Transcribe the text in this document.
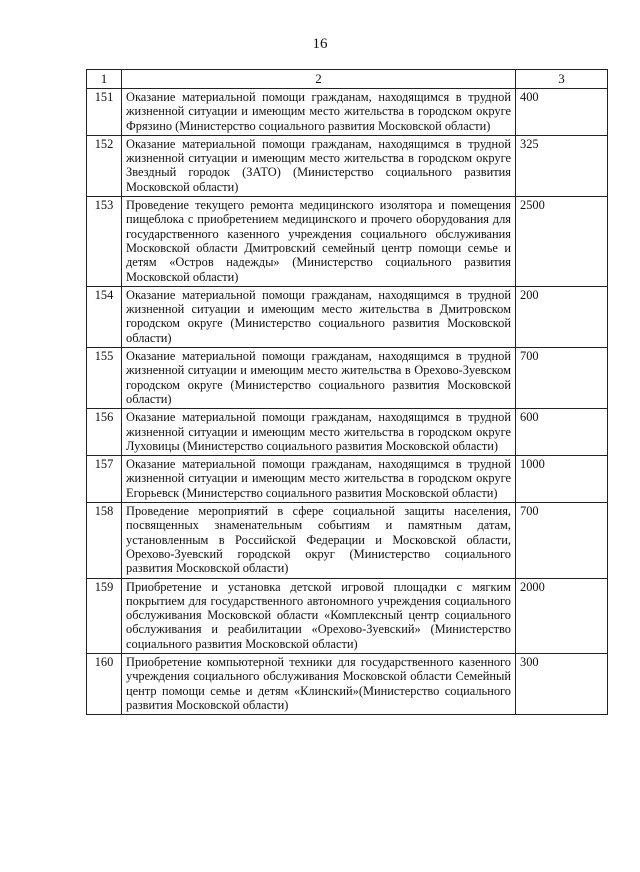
16
1	2	3
151	Оказание материальной помощи гражданам, находящимся в трудной жизненной ситуации и имеющим место жительства в городском округе Фрязино (Министерство социального развития Московской области)	400
152	Оказание материальной помощи гражданам, находящимся в трудной жизненной ситуации и имеющим место жительства в городском округе Звездный городок (ЗАТО) (Министерство социального развития Московской области)	325
153	Проведение текущего ремонта медицинского изолятора и помещения пищеблока с приобретением медицинского и прочего оборудования для государственного казенного учреждения социального обслуживания Московской области Дмитровский семейный центр помощи семье и детям «Остров надежды» (Министерство социального развития Московской области)	2500
154	Оказание материальной помощи гражданам, находящимся в трудной жизненной ситуации и имеющим место жительства в Дмитровском городском округе (Министерство социального развития Московской области)	200
155	Оказание материальной помощи гражданам, находящимся в трудной жизненной ситуации и имеющим место жительства в Орехово-Зуевском городском округе (Министерство социального развития Московской области)	700
156	Оказание материальной помощи гражданам, находящимся в трудной жизненной ситуации и имеющим место жительства в городском округе Луховицы (Министерство социального развития Московской области)	600
157	Оказание материальной помощи гражданам, находящимся в трудной жизненной ситуации и имеющим место жительства в городском округе Егорьевск (Министерство социального развития Московской области)	1000
158	Проведение мероприятий в сфере социальной защиты населения, посвященных знаменательным событиям и памятным датам, установленным в Российской Федерации и Московской области, Орехово-Зуевский городской округ (Министерство социального развития Московской области)	700
159	Приобретение и установка детской игровой площадки с мягким покрытием для государственного автономного учреждения социального обслуживания Московской области «Комплексный центр социального обслуживания и реабилитации «Орехово-Зуевский» (Министерство социального развития Московской области)	2000
160	Приобретение компьютерной техники для государственного казенного учреждения социального обслуживания Московской области Семейный центр помощи семье и детям «Клинский»(Министерство социального развития Московской области)	300
